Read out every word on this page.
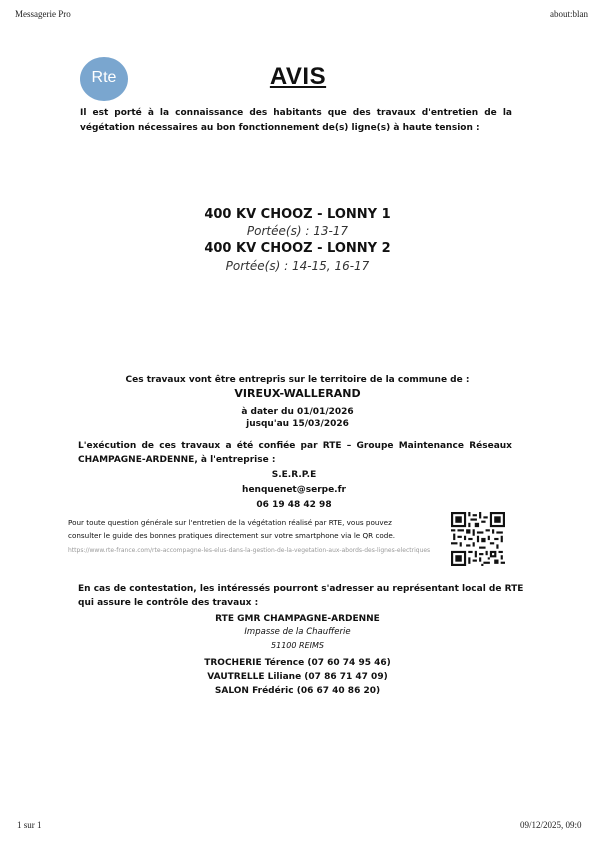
Messagerie Pro	about:blan
Rte	AVIS
Il est porté à la connaissance des habitants que des travaux d'entretien de la végétation nécessaires au bon fonctionnement de(s) ligne(s) à haute tension :
400 KV CHOOZ - LONNY 1
Portée(s) : 13-17
400 KV CHOOZ - LONNY 2
Portée(s) : 14-15, 16-17
Ces travaux vont être entrepris sur le territoire de la commune de :
VIREUX-WALLERAND
à dater du 01/01/2026
jusqu'au 15/03/2026
L'exécution de ces travaux a été confiée par RTE – Groupe Maintenance Réseaux
CHAMPAGNE-ARDENNE, à l'entreprise :
S.E.R.P.E
henquenet@serpe.fr
06 19 48 42 98
Pour toute question générale sur l'entretien de la végétation réalisé par RTE, vous pouvez
consulter le guide des bonnes pratiques directement sur votre smartphone via le QR code.
https://www.rte-france.com/rte-accompagne-les-elus-dans-la-gestion-de-la-vegetation-aux-abords-des-lignes-electriques
En cas de contestation, les intéressés pourront s'adresser au représentant local de RTE
qui assure le contrôle des travaux :
RTE GMR CHAMPAGNE-ARDENNE
Impasse de la Chaufferie
51100 REIMS
TROCHERIE Térence (07 60 74 95 46)
VAUTRELLE Liliane (07 86 71 47 09)
SALON Frédéric (06 67 40 86 20)
1 sur 1	09/12/2025, 09:0
